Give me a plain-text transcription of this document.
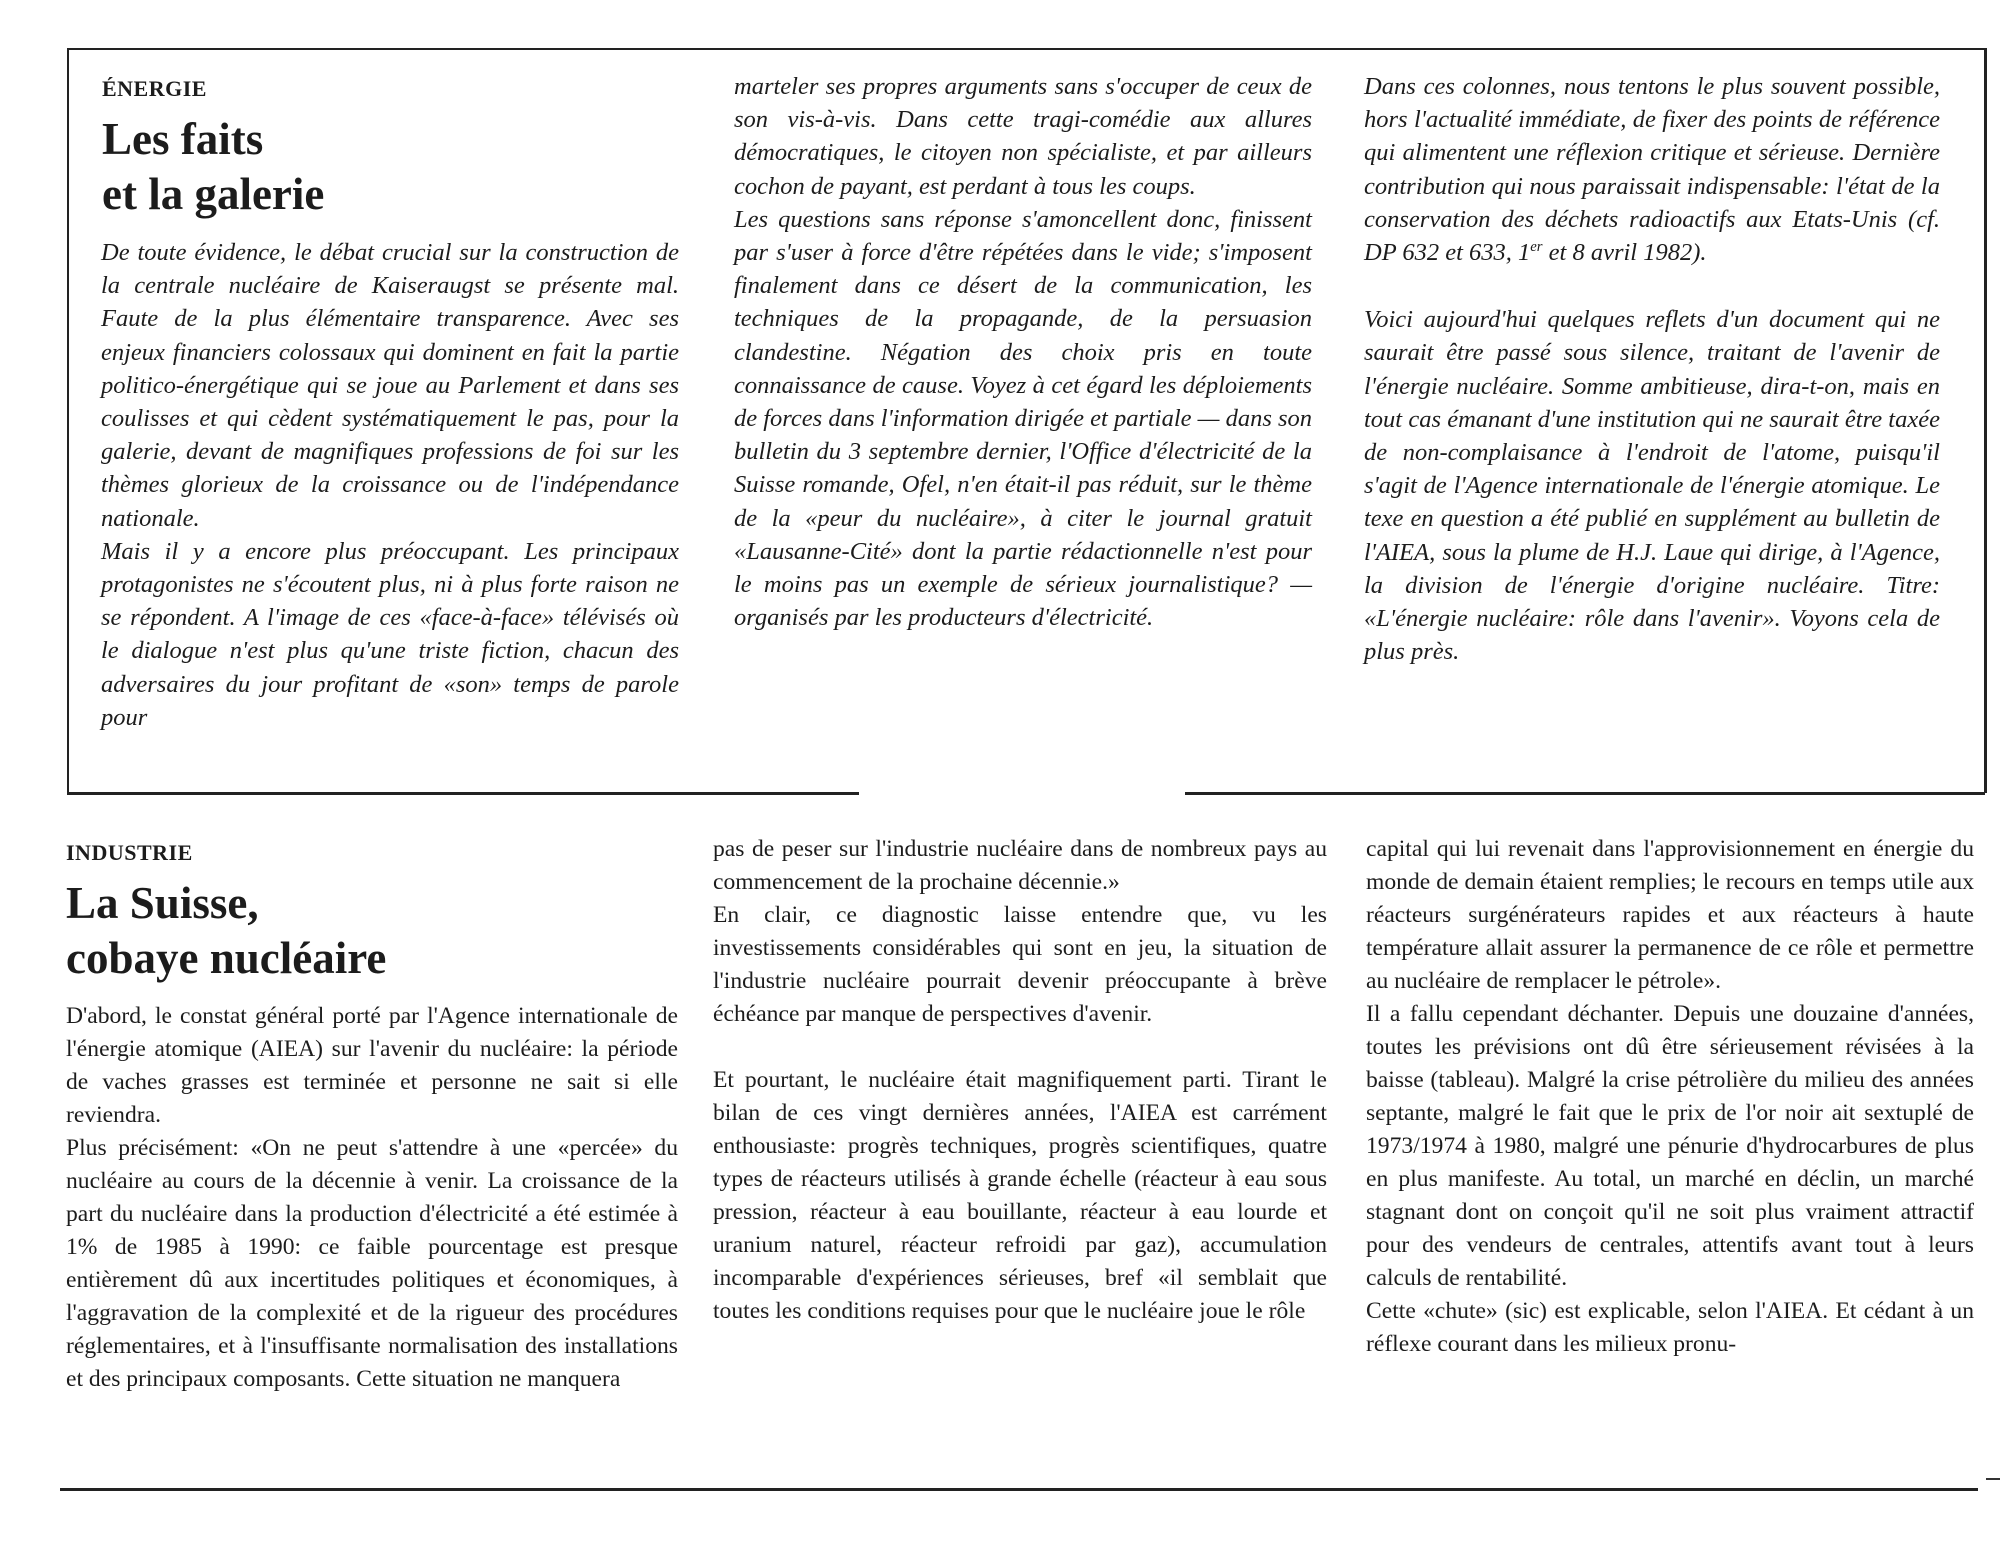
ÉNERGIE
Les faits
et la galerie

De toute évidence, le débat crucial sur la construction de la centrale nucléaire de Kaiseraugst se présente mal. Faute de la plus élémentaire transparence. Avec ses enjeux financiers colossaux qui dominent en fait la partie politico-énergétique qui se joue au Parlement et dans ses coulisses et qui cèdent systématiquement le pas, pour la galerie, devant de magnifiques professions de foi sur les thèmes glorieux de la croissance ou de l'indépendance nationale.

Mais il y a encore plus préoccupant. Les principaux protagonistes ne s'écoutent plus, ni à plus forte raison ne se répondent. A l'image de ces «face-à-face» télévisés où le dialogue n'est plus qu'une triste fiction, chacun des adversaires du jour profitant de «son» temps de parole pour

marteler ses propres arguments sans s'occuper de ceux de son vis-à-vis. Dans cette tragi-comédie aux allures démocratiques, le citoyen non spécialiste, et par ailleurs cochon de payant, est perdant à tous les coups.

Les questions sans réponse s'amoncellent donc, finissent par s'user à force d'être répétées dans le vide; s'imposent finalement dans ce désert de la communication, les techniques de la propagande, de la persuasion clandestine. Négation des choix pris en toute connaissance de cause. Voyez à cet égard les déploiements de forces dans l'information dirigée et partiale — dans son bulletin du 3 septembre dernier, l'Office d'électricité de la Suisse romande, Ofel, n'en était-il pas réduit, sur le thème de la «peur du nucléaire», à citer le journal gratuit «Lausanne-Cité» dont la partie rédactionnelle n'est pour le moins pas un exemple de sérieux journalistique? — organisés par les producteurs d'électricité.

Dans ces colonnes, nous tentons le plus souvent possible, hors l'actualité immédiate, de fixer des points de référence qui alimentent une réflexion critique et sérieuse. Dernière contribution qui nous paraissait indispensable: l'état de la conservation des déchets radioactifs aux Etats-Unis (cf. DP 632 et 633, 1er et 8 avril 1982).

Voici aujourd'hui quelques reflets d'un document qui ne saurait être passé sous silence, traitant de l'avenir de l'énergie nucléaire. Somme ambitieuse, dira-t-on, mais en tout cas émanant d'une institution qui ne saurait être taxée de non-complaisance à l'endroit de l'atome, puisqu'il s'agit de l'Agence internationale de l'énergie atomique. Le texe en question a été publié en supplément au bulletin de l'AIEA, sous la plume de H.J. Laue qui dirige, à l'Agence, la division de l'énergie d'origine nucléaire. Titre: «L'énergie nucléaire: rôle dans l'avenir». Voyons cela de plus près.

INDUSTRIE
La Suisse,
cobaye nucléaire

D'abord, le constat général porté par l'Agence internationale de l'énergie atomique (AIEA) sur l'avenir du nucléaire: la période de vaches grasses est terminée et personne ne sait si elle reviendra.

Plus précisément: «On ne peut s'attendre à une «percée» du nucléaire au cours de la décennie à venir. La croissance de la part du nucléaire dans la production d'électricité a été estimée à 1% de 1985 à 1990: ce faible pourcentage est presque entièrement dû aux incertitudes politiques et économiques, à l'aggravation de la complexité et de la rigueur des procédures réglementaires, et à l'insuffisante normalisation des installations et des principaux composants. Cette situation ne manquera

pas de peser sur l'industrie nucléaire dans de nombreux pays au commencement de la prochaine décennie.»

En clair, ce diagnostic laisse entendre que, vu les investissements considérables qui sont en jeu, la situation de l'industrie nucléaire pourrait devenir préoccupante à brève échéance par manque de perspectives d'avenir.

Et pourtant, le nucléaire était magnifiquement parti. Tirant le bilan de ces vingt dernières années, l'AIEA est carrément enthousiaste: progrès techniques, progrès scientifiques, quatre types de réacteurs utilisés à grande échelle (réacteur à eau sous pression, réacteur à eau bouillante, réacteur à eau lourde et uranium naturel, réacteur refroidi par gaz), accumulation incomparable d'expériences sérieuses, bref «il semblait que toutes les conditions requises pour que le nucléaire joue le rôle

capital qui lui revenait dans l'approvisionnement en énergie du monde de demain étaient remplies; le recours en temps utile aux réacteurs surgénérateurs rapides et aux réacteurs à haute température allait assurer la permanence de ce rôle et permettre au nucléaire de remplacer le pétrole».

Il a fallu cependant déchanter. Depuis une douzaine d'années, toutes les prévisions ont dû être sérieusement révisées à la baisse (tableau). Malgré la crise pétrolière du milieu des années septante, malgré le fait que le prix de l'or noir ait sextuplé de 1973/1974 à 1980, malgré une pénurie d'hydrocarbures de plus en plus manifeste. Au total, un marché en déclin, un marché stagnant dont on conçoit qu'il ne soit plus vraiment attractif pour des vendeurs de centrales, attentifs avant tout à leurs calculs de rentabilité.

Cette «chute» (sic) est explicable, selon l'AIEA. Et cédant à un réflexe courant dans les milieux pronu-
